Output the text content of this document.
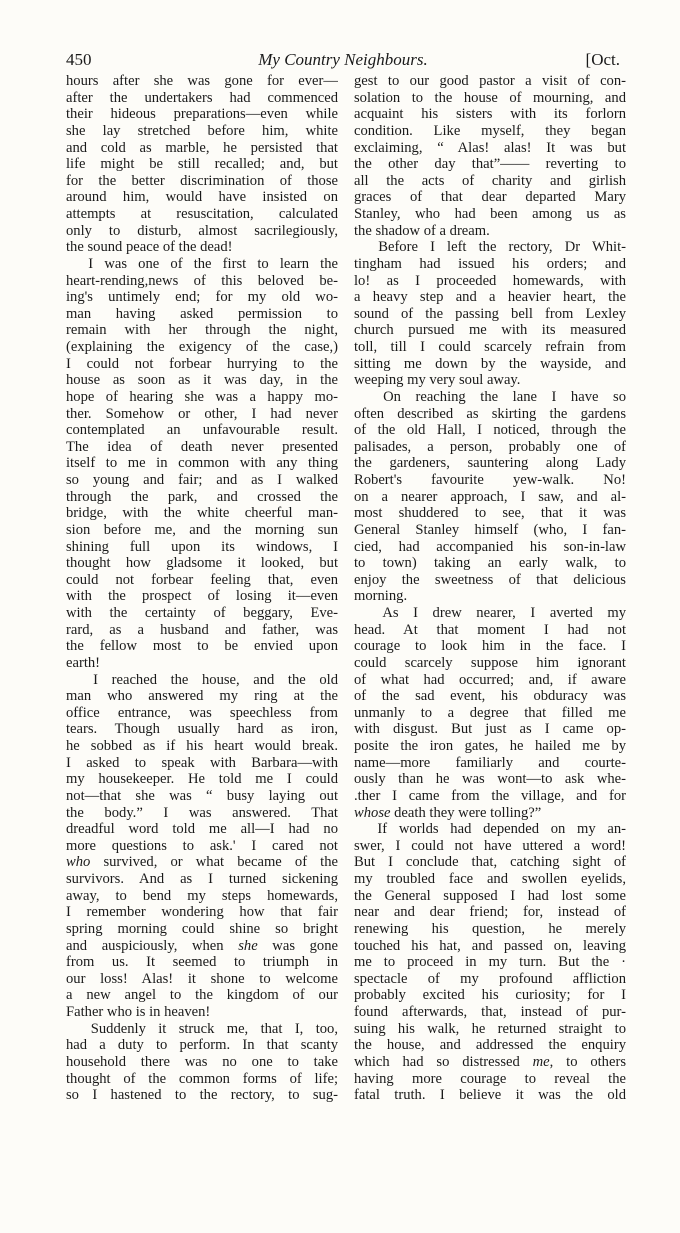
450	My Country Neighbours.	[Oct.
hours after she was gone for ever—
after the undertakers had commenced
their hideous preparations—even while
she lay stretched before him, white
and cold as marble, he persisted that
life might be still recalled; and, but
for the better discrimination of those
around him, would have insisted on
attempts at resuscitation, calculated
only to disturb, almost sacrilegiously,
the sound peace of the dead!
I was one of the first to learn the
heart-rending,news of this beloved be-
ing's untimely end; for my old wo-
man having asked permission to
remain with her through the night,
(explaining the exigency of the case,)
I could not forbear hurrying to the
house as soon as it was day, in the
hope of hearing she was a happy mo-
ther. Somehow or other, I had never
contemplated an unfavourable result.
The idea of death never presented
itself to me in common with any thing
so young and fair; and as I walked
through the park, and crossed the
bridge, with the white cheerful man-
sion before me, and the morning sun
shining full upon its windows, I
thought how gladsome it looked, but
could not forbear feeling that, even
with the prospect of losing it—even
with the certainty of beggary, Eve-
rard, as a husband and father, was
the fellow most to be envied upon
earth!
I reached the house, and the old
man who answered my ring at the
office entrance, was speechless from
tears. Though usually hard as iron,
he sobbed as if his heart would break.
I asked to speak with Barbara—with
my housekeeper. He told me I could
not—that she was “ busy laying out
the body.” I was answered. That
dreadful word told me all—I had no
more questions to ask.' I cared not
who survived, or what became of the
survivors. And as I turned sickening
away, to bend my steps homewards,
I remember wondering how that fair
spring morning could shine so bright
and auspiciously, when she was gone
from us. It seemed to triumph in
our loss! Alas! it shone to welcome
a new angel to the kingdom of our
Father who is in heaven!
Suddenly it struck me, that I, too,
had a duty to perform. In that scanty
household there was no one to take
thought of the common forms of life;
so I hastened to the rectory, to sug-
gest to our good pastor a visit of con-
solation to the house of mourning, and
acquaint his sisters with its forlorn
condition. Like myself, they began
exclaiming, “ Alas! alas! It was but
the other day that”—— reverting to
all the acts of charity and girlish
graces of that dear departed Mary
Stanley, who had been among us as
the shadow of a dream.
Before I left the rectory, Dr Whit-
tingham had issued his orders; and
lo! as I proceeded homewards, with
a heavy step and a heavier heart, the
sound of the passing bell from Lexley
church pursued me with its measured
toll, till I could scarcely refrain from
sitting me down by the wayside, and
weeping my very soul away.
On reaching the lane I have so
often described as skirting the gardens
of the old Hall, I noticed, through the
palisades, a person, probably one of
the gardeners, sauntering along Lady
Robert's favourite yew-walk. No!
on a nearer approach, I saw, and al-
most shuddered to see, that it was
General Stanley himself (who, I fan-
cied, had accompanied his son-in-law
to town) taking an early walk, to
enjoy the sweetness of that delicious
morning.
As I drew nearer, I averted my
head. At that moment I had not
courage to look him in the face. I
could scarcely suppose him ignorant
of what had occurred; and, if aware
of the sad event, his obduracy was
unmanly to a degree that filled me
with disgust. But just as I came op-
posite the iron gates, he hailed me by
name—more familiarly and courte-
ously than he was wont—to ask whe-
.ther I came from the village, and for
whose death they were tolling?”
If worlds had depended on my an-
swer, I could not have uttered a word!
But I conclude that, catching sight of
my troubled face and swollen eyelids,
the General supposed I had lost some
near and dear friend; for, instead of
renewing his question, he merely
touched his hat, and passed on, leaving
me to proceed in my turn. But the ·
spectacle of my profound affliction
probably excited his curiosity; for I
found afterwards, that, instead of pur-
suing his walk, he returned straight to
the house, and addressed the enquiry
which had so distressed me, to others
having more courage to reveal the
fatal truth. I believe it was the old
